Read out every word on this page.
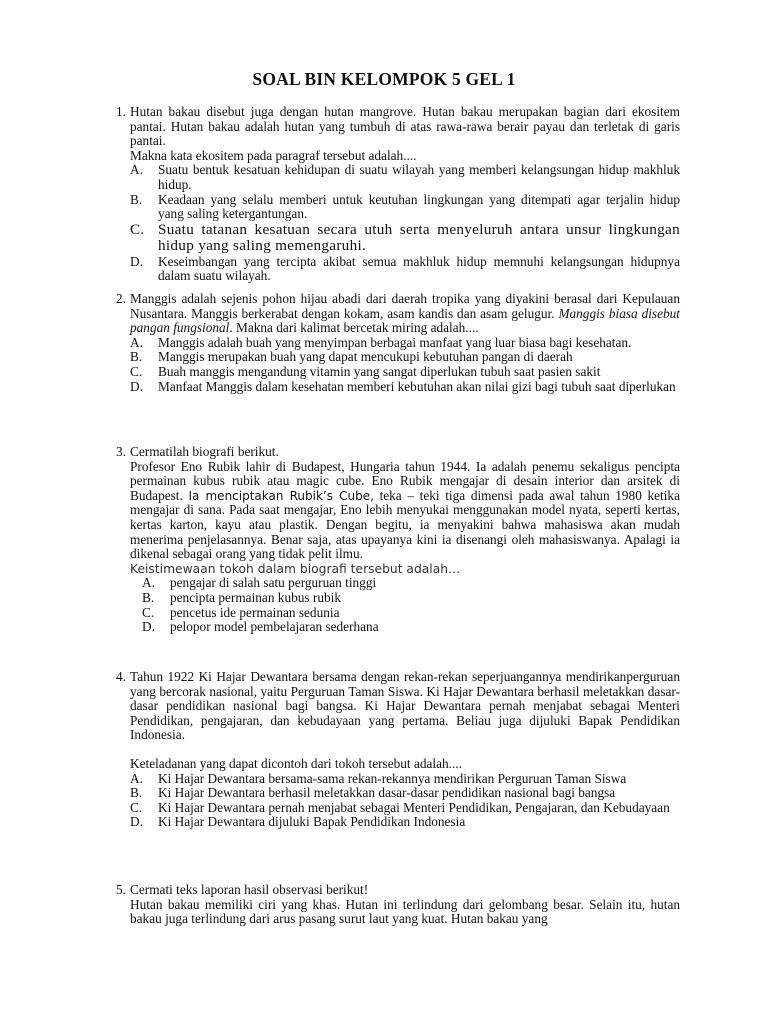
SOAL BIN KELOMPOK 5 GEL 1
1. Hutan bakau disebut juga dengan hutan mangrove. Hutan bakau merupakan bagian dari ekositem pantai. Hutan bakau adalah hutan yang tumbuh di atas rawa-rawa berair payau dan terletak di garis pantai.

Makna kata ekositem pada paragraf tersebut adalah....

A. Suatu bentuk kesatuan kehidupan di suatu wilayah yang memberi kelangsungan hidup makhluk hidup.
B. Keadaan yang selalu memberi untuk keutuhan lingkungan yang ditempati agar terjalin hidup yang saling ketergantungan.
C. Suatu tatanan kesatuan secara utuh serta menyeluruh antara unsur lingkungan hidup yang saling memengaruhi.
D. Keseimbangan yang tercipta akibat semua makhluk hidup memnuhi kelangsungan hidupnya dalam suatu wilayah.
2. Manggis adalah sejenis pohon hijau abadi dari daerah tropika yang diyakini berasal dari Kepulauan Nusantara. Manggis berkerabat dengan kokam, asam kandis dan asam gelugur. Manggis biasa disebut pangan fungsional. Makna dari kalimat bercetak miring adalah....

A. Manggis adalah buah yang menyimpan berbagai manfaat yang luar biasa bagi kesehatan.
B. Manggis merupakan buah yang dapat mencukupi kebutuhan pangan di daerah
C. Buah manggis mengandung vitamin yang sangat diperlukan tubuh saat pasien sakit
D. Manfaat Manggis dalam kesehatan memberi kebutuhan akan nilai gizi bagi tubuh saat diperlukan
3. Cermatilah biografi berikut.

Profesor Eno Rubik lahir di Budapest, Hungaria tahun 1944. Ia adalah penemu sekaligus pencipta permainan kubus rubik atau magic cube. Eno Rubik mengajar di desain interior dan arsitek di Budapest. Ia menciptakan Rubik’s Cube, teka – teki tiga dimensi pada awal tahun 1980 ketika mengajar di sana. Pada saat mengajar, Eno lebih menyukai menggunakan model nyata, seperti kertas, kertas karton, kayu atau plastik. Dengan begitu, ia menyakini bahwa mahasiswa akan mudah menerima penjelasannya. Benar saja, atas upayanya kini ia disenangi oleh mahasiswanya. Apalagi ia dikenal sebagai orang yang tidak pelit ilmu.

Keistimewaan tokoh dalam biografi tersebut adalah…

A. pengajar di salah satu perguruan tinggi
B. pencipta permainan kubus rubik
C. pencetus ide permainan sedunia
D. pelopor model pembelajaran sederhana
4. Tahun 1922 Ki Hajar Dewantara bersama dengan rekan-rekan seperjuangannya mendirikanperguruan yang bercorak nasional, yaitu Perguruan Taman Siswa. Ki Hajar Dewantara berhasil meletakkan dasar-dasar pendidikan nasional bagi bangsa. Ki Hajar Dewantara pernah menjabat sebagai Menteri Pendidikan, pengajaran, dan kebudayaan yang pertama. Beliau juga dijuluki Bapak Pendidikan Indonesia.

Keteladanan yang dapat dicontoh dari tokoh tersebut adalah....

A. Ki Hajar Dewantara bersama-sama rekan-rekannya mendirikan Perguruan Taman Siswa
B. Ki Hajar Dewantara berhasil meletakkan dasar-dasar pendidikan nasional bagi bangsa
C. Ki Hajar Dewantara pernah menjabat sebagai Menteri Pendidikan, Pengajaran, dan Kebudayaan
D. Ki Hajar Dewantara dijuluki Bapak Pendidikan Indonesia
5. Cermati teks laporan hasil observasi berikut!

Hutan bakau memiliki ciri yang khas. Hutan ini terlindung dari gelombang besar. Selain itu, hutan bakau juga terlindung dari arus pasang surut laut yang kuat. Hutan bakau yang
